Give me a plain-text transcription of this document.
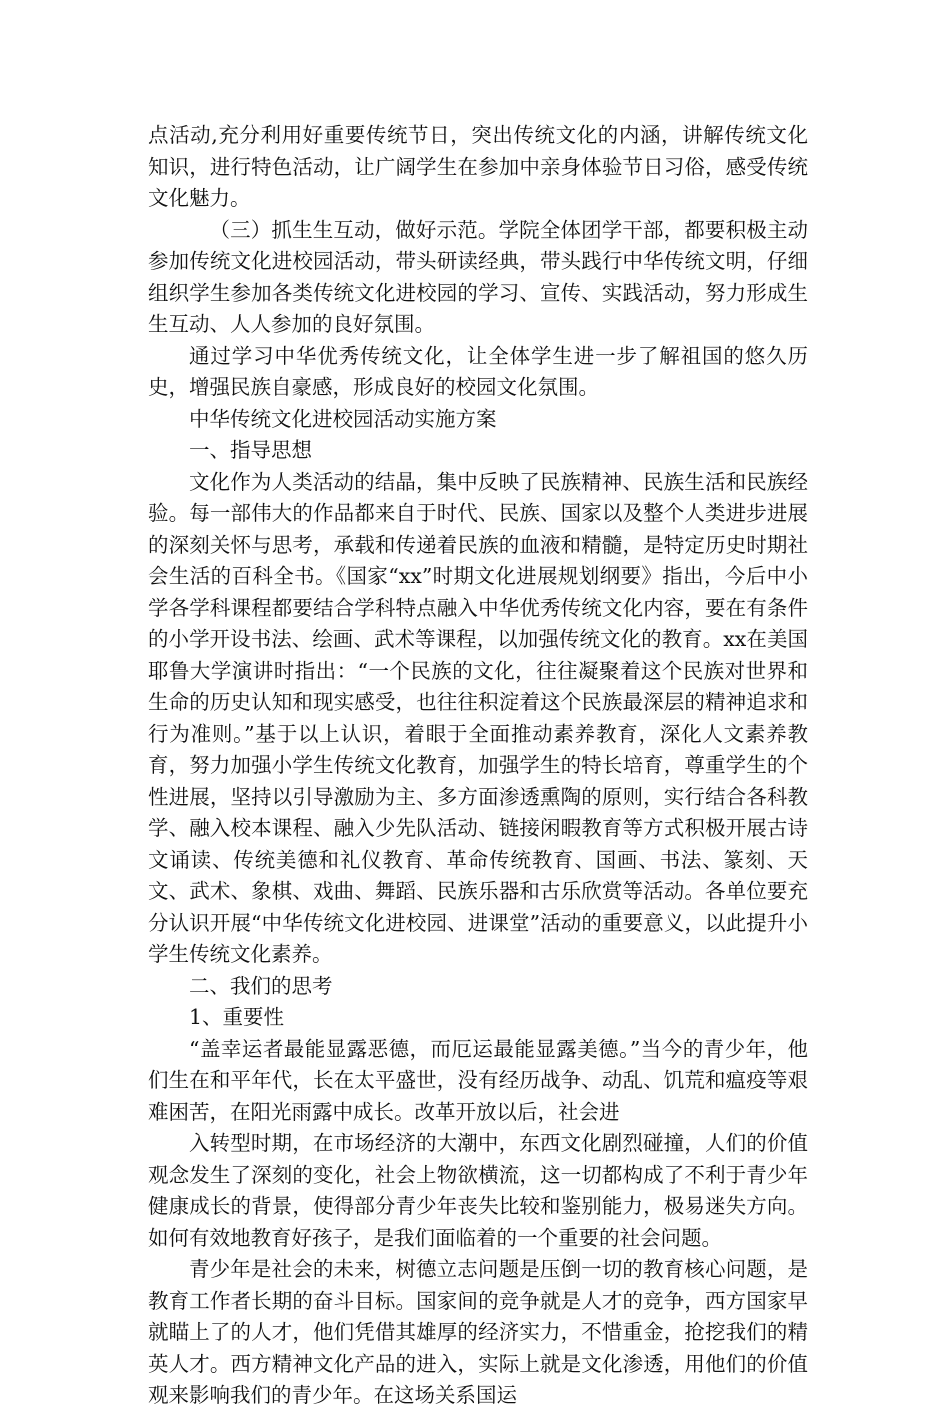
点活动,充分利用好重要传统节日，突出传统文化的内涵，讲解传统文化知识，进行特色活动，让广阔学生在参加中亲身体验节日习俗，感受传统文化魅力。

（三）抓生生互动，做好示范。学院全体团学干部，都要积极主动参加传统文化进校园活动，带头研读经典，带头践行中华传统文明，仔细组织学生参加各类传统文化进校园的学习、宣传、实践活动，努力形成生生互动、人人参加的良好氛围。

通过学习中华优秀传统文化，让全体学生进一步了解祖国的悠久历史，增强民族自豪感，形成良好的校园文化氛围。

中华传统文化进校园活动实施方案

一、指导思想

文化作为人类活动的结晶，集中反映了民族精神、民族生活和民族经验。每一部伟大的作品都来自于时代、民族、国家以及整个人类进步进展的深刻关怀与思考，承载和传递着民族的血液和精髓，是特定历史时期社会生活的百科全书。《国家“xx”时期文化进展规划纲要》指出，今后中小学各学科课程都要结合学科特点融入中华优秀传统文化内容，要在有条件的小学开设书法、绘画、武术等课程，以加强传统文化的教育。xx在美国耶鲁大学演讲时指出：“一个民族的文化，往往凝聚着这个民族对世界和生命的历史认知和现实感受，也往往积淀着这个民族最深层的精神追求和行为准则。”基于以上认识，着眼于全面推动素养教育，深化人文素养教育，努力加强小学生传统文化教育，加强学生的特长培育，尊重学生的个性进展，坚持以引导激励为主、多方面渗透熏陶的原则，实行结合各科教学、融入校本课程、融入少先队活动、链接闲暇教育等方式积极开展古诗文诵读、传统美德和礼仪教育、革命传统教育、国画、书法、篆刻、天文、武术、象棋、戏曲、舞蹈、民族乐器和古乐欣赏等活动。各单位要充分认识开展“中华传统文化进校园、进课堂”活动的重要意义，以此提升小学生传统文化素养。

二、我们的思考

1、重要性

“盖幸运者最能显露恶德，而厄运最能显露美德。”当今的青少年，他们生在和平年代，长在太平盛世，没有经历战争、动乱、饥荒和瘟疫等艰难困苦，在阳光雨露中成长。改革开放以后，社会进

入转型时期，在市场经济的大潮中，东西文化剧烈碰撞，人们的价值观念发生了深刻的变化，社会上物欲横流，这一切都构成了不利于青少年健康成长的背景，使得部分青少年丧失比较和鉴别能力，极易迷失方向。如何有效地教育好孩子，是我们面临着的一个重要的社会问题。

青少年是社会的未来，树德立志问题是压倒一切的教育核心问题，是教育工作者长期的奋斗目标。国家间的竞争就是人才的竞争，西方国家早就瞄上了的人才，他们凭借其雄厚的经济实力，不惜重金，抢挖我们的精英人才。西方精神文化产品的进入，实际上就是文化渗透，用他们的价值观来影响我们的青少年。在这场关系国运
